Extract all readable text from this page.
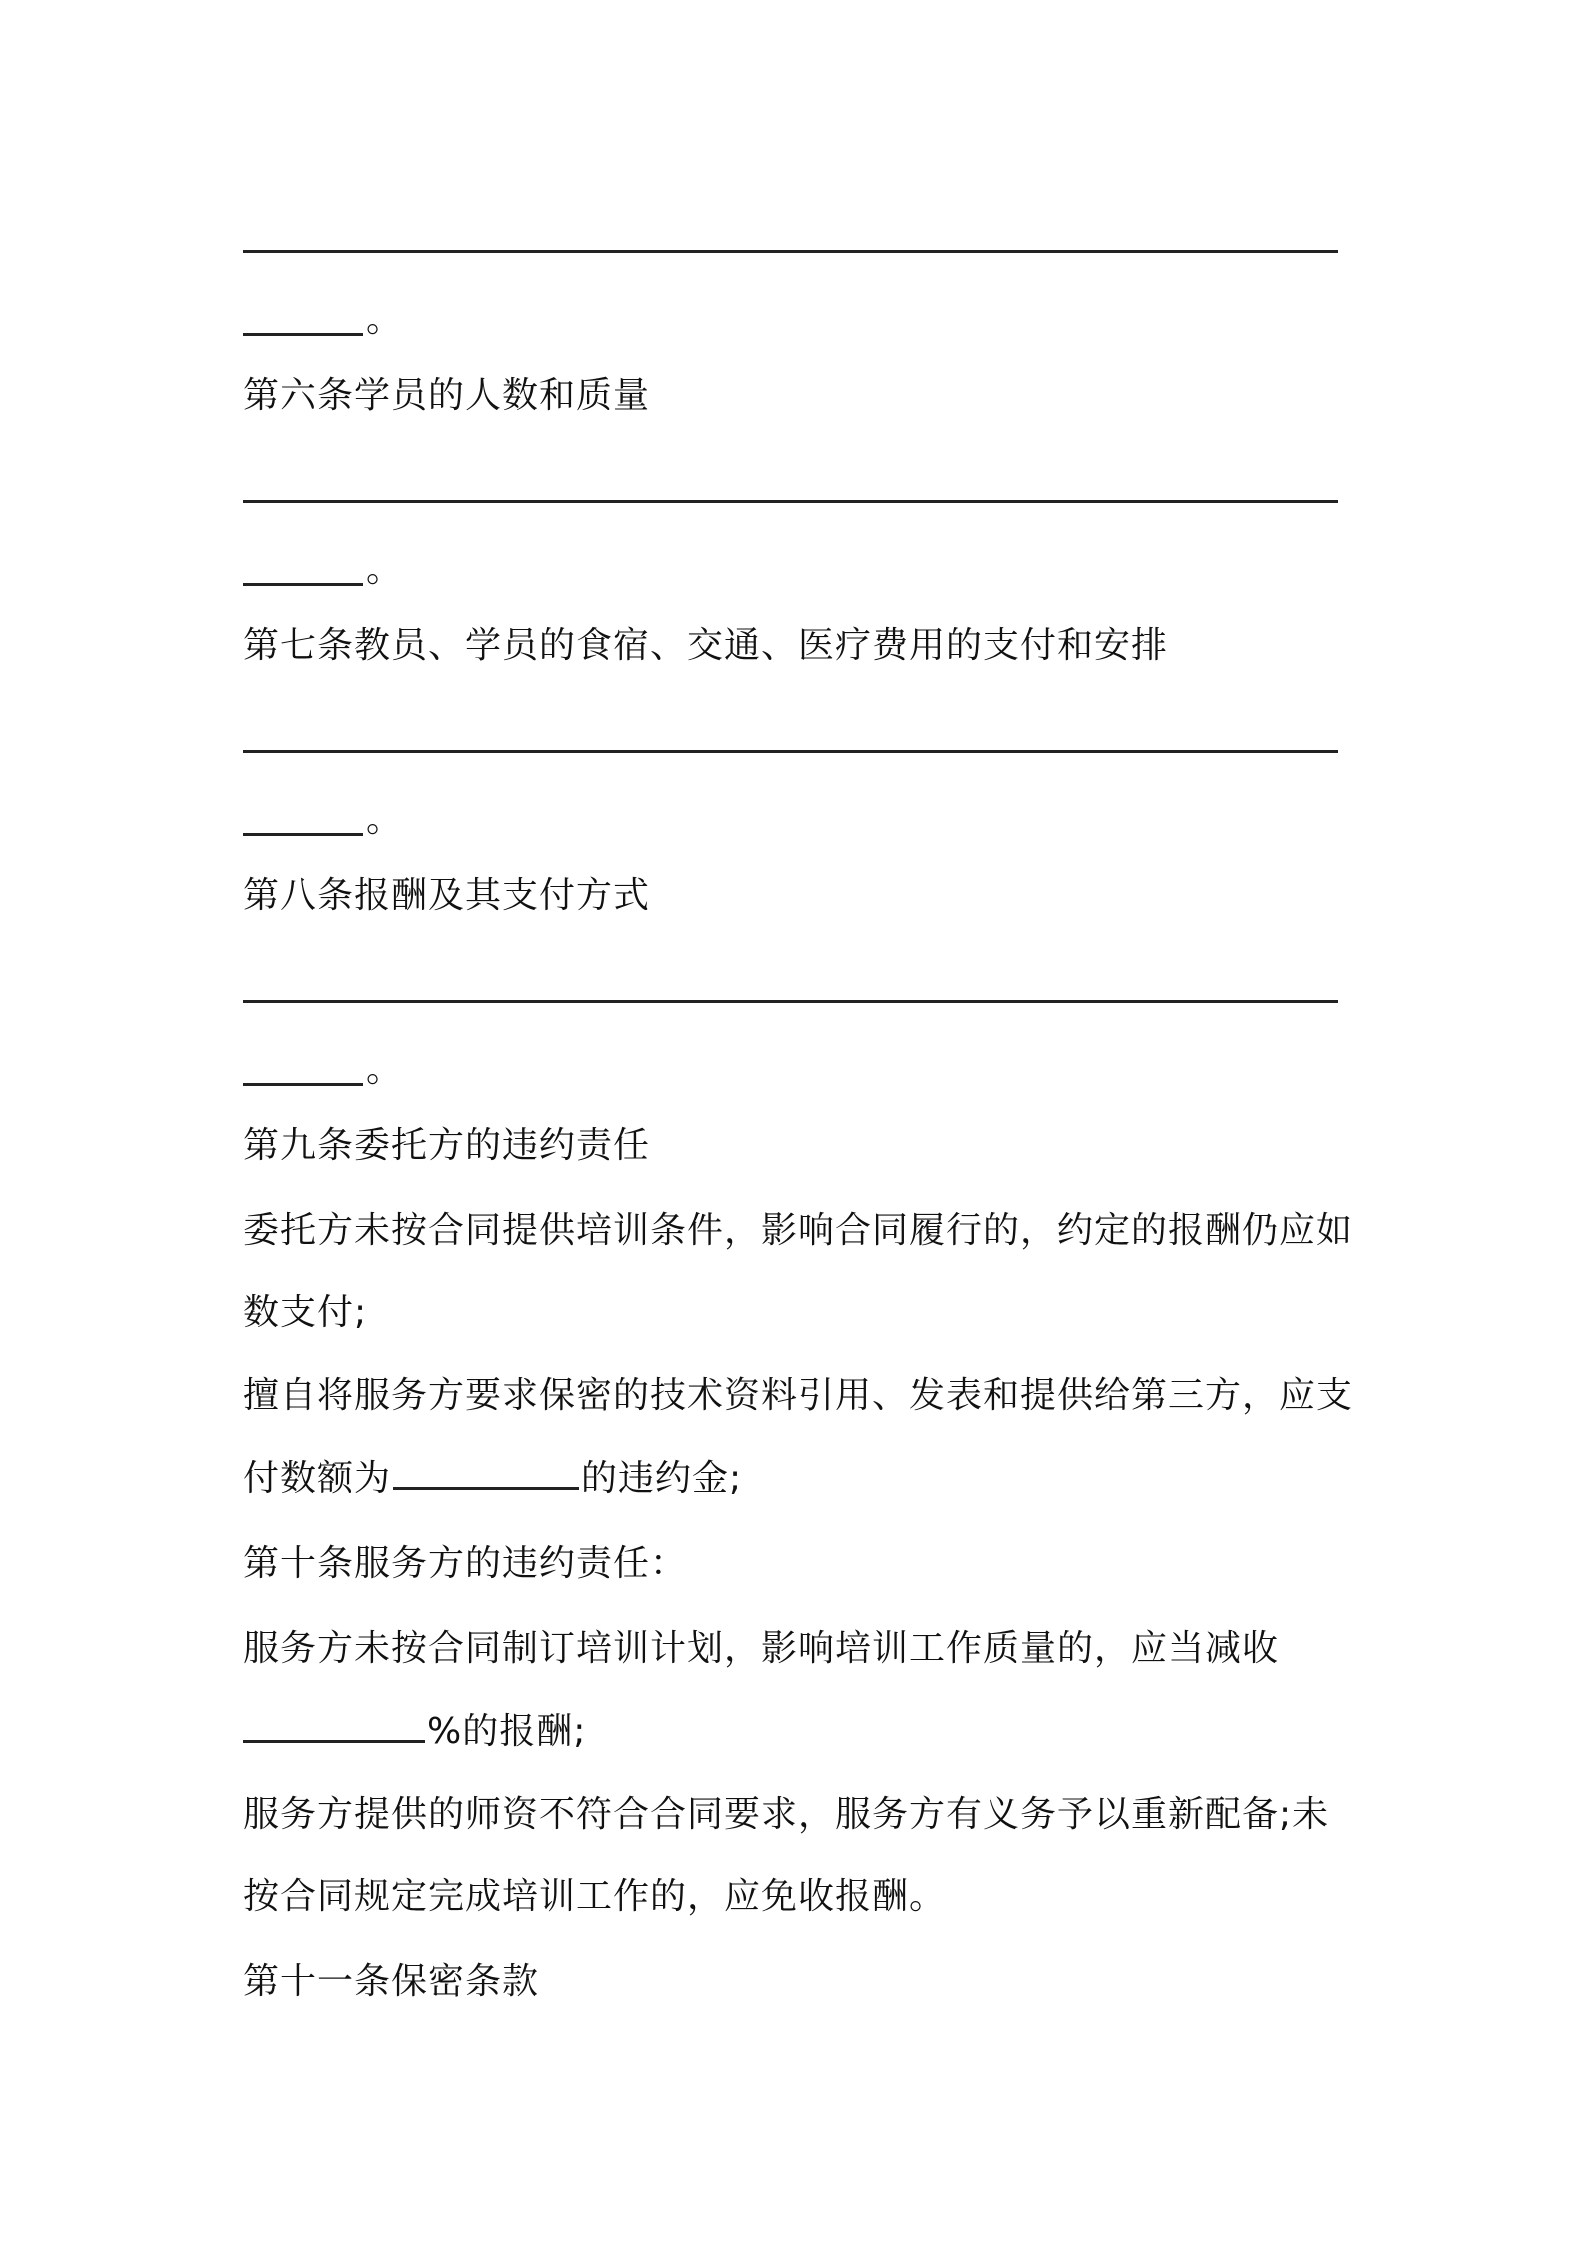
。
第六条学员的人数和质量
。
第七条教员、学员的食宿、交通、医疗费用的支付和安排
。
第八条报酬及其支付方式
。
第九条委托方的违约责任
委托方未按合同提供培训条件，影响合同履行的，约定的报酬仍应如
数支付;
擅自将服务方要求保密的技术资料引用、发表和提供给第三方，应支
付数额为	的违约金;
第十条服务方的违约责任：
服务方未按合同制订培训计划，影响培训工作质量的，应当减收
%的报酬;
服务方提供的师资不符合合同要求，服务方有义务予以重新配备;未
按合同规定完成培训工作的，应免收报酬。
第十一条保密条款
